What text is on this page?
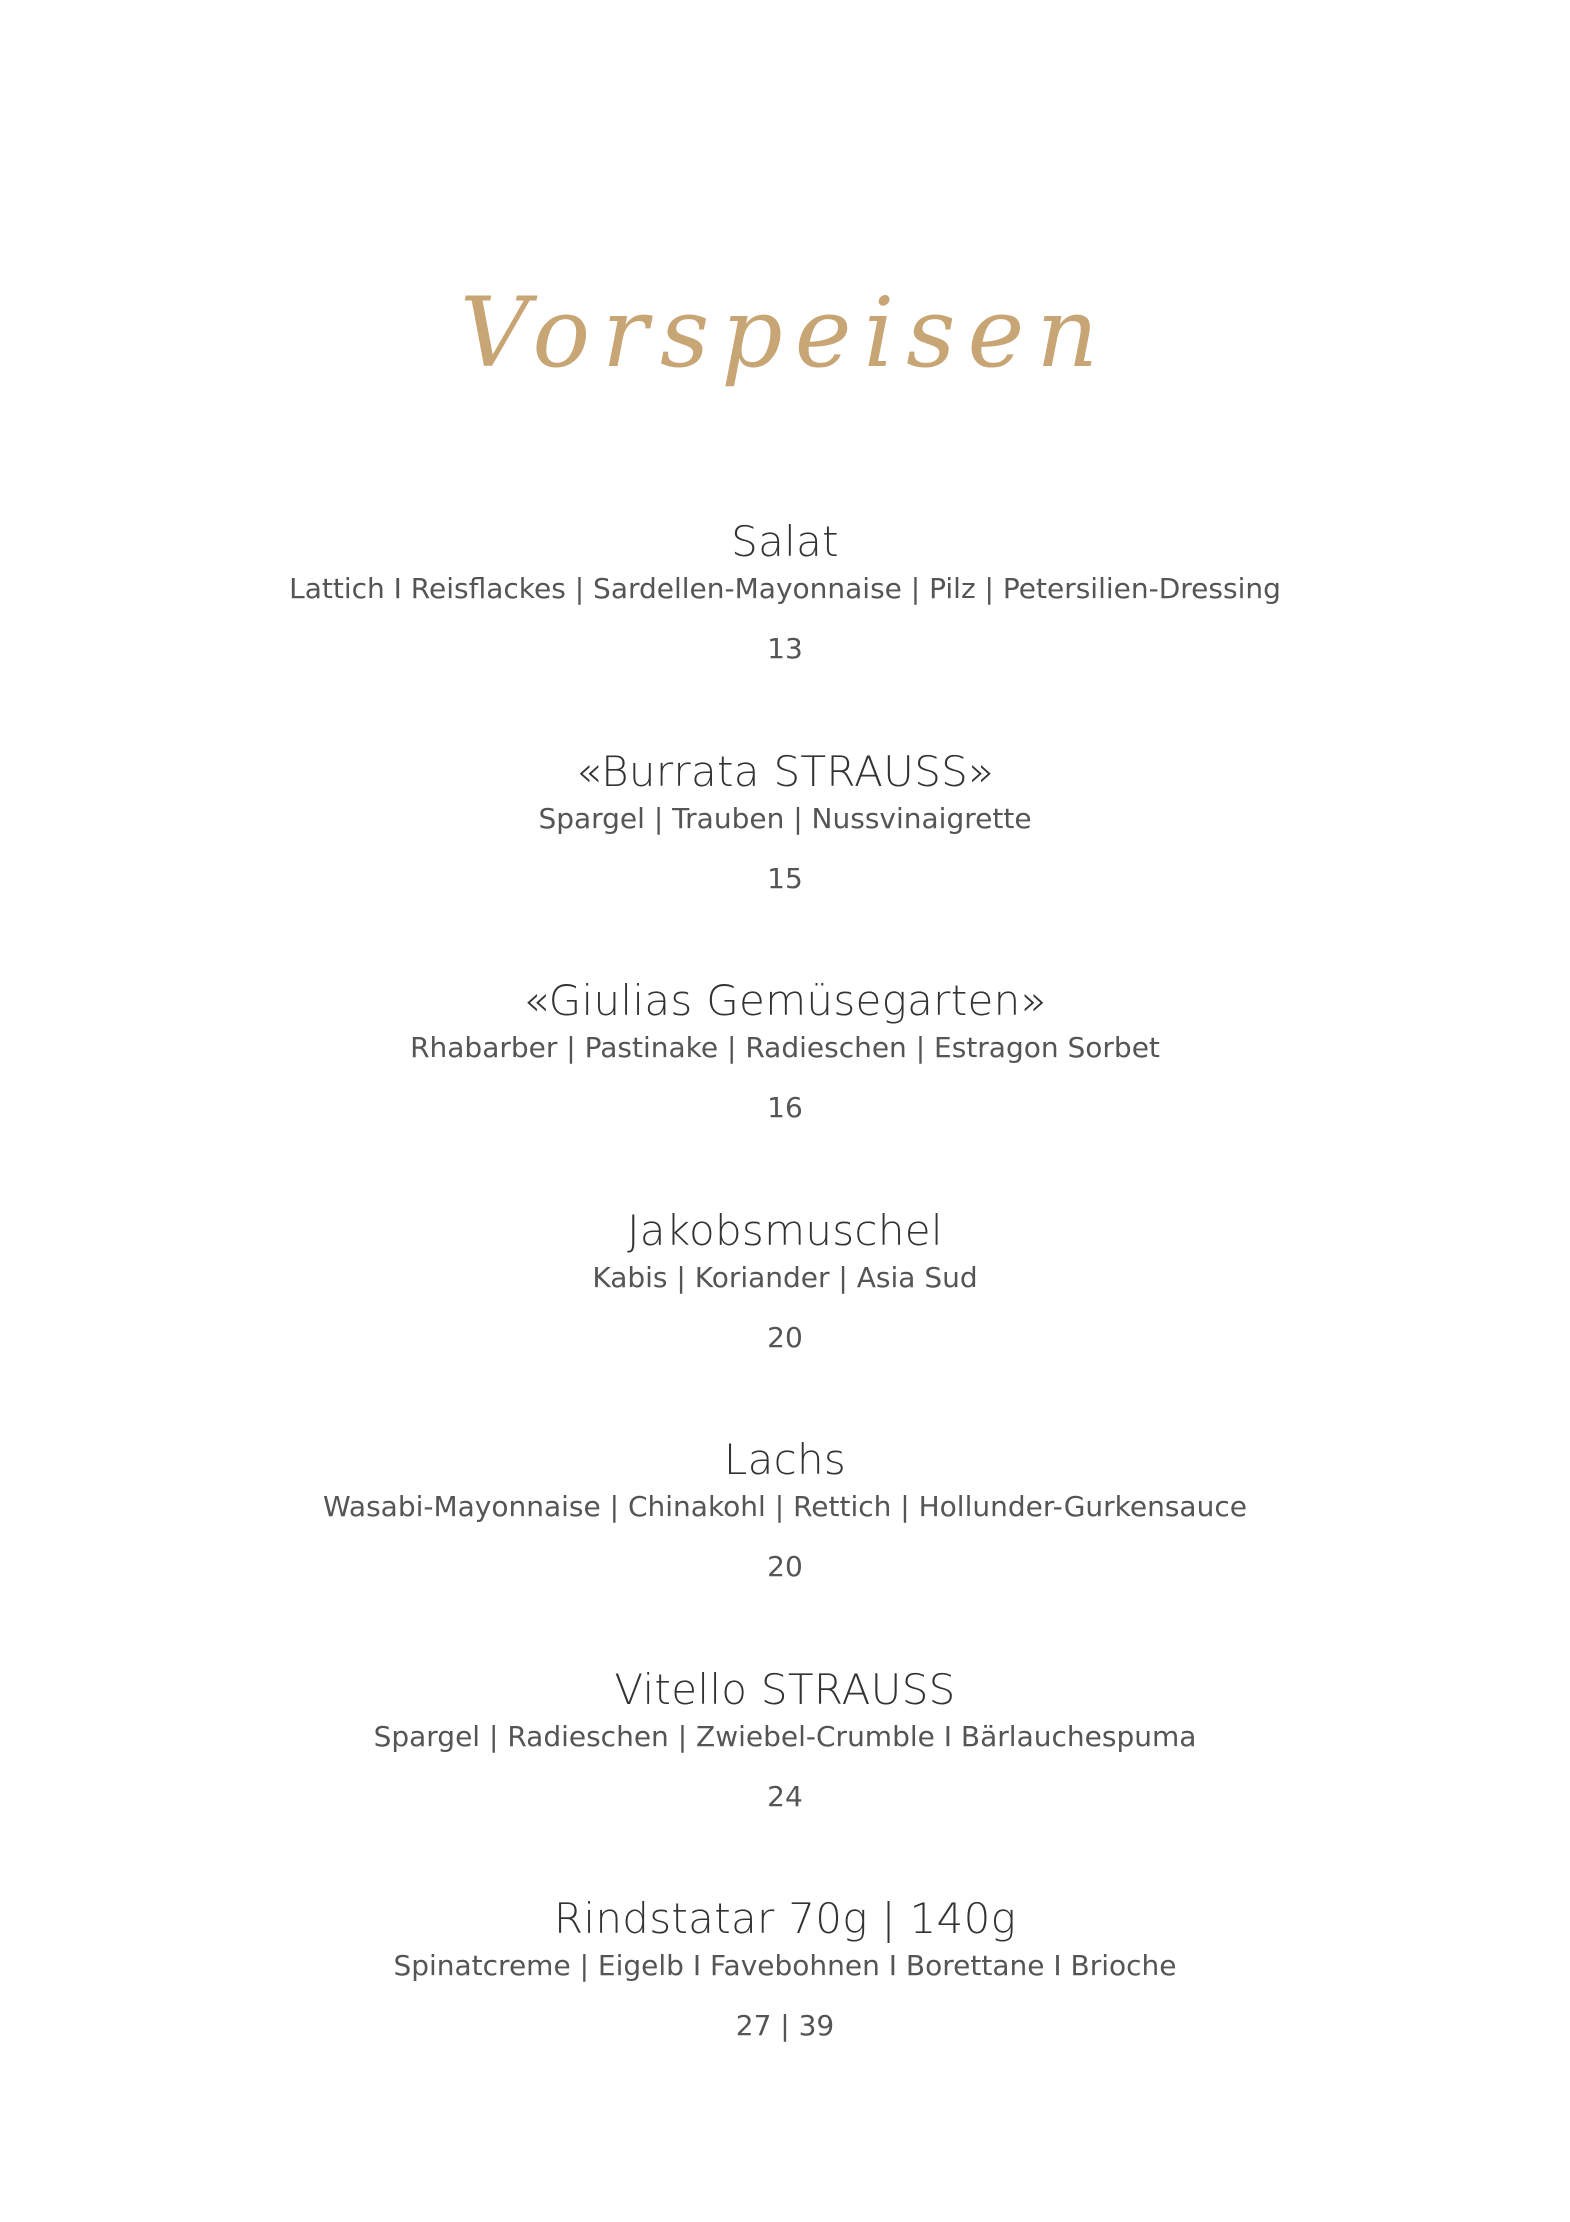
Vorspeisen
Salat
Lattich I Reisflackes | Sardellen-Mayonnaise | Pilz | Petersilien-Dressing
13
«Burrata STRAUSS»
Spargel | Trauben | Nussvinaigrette
15
«Giulias Gemüsegarten»
Rhabarber | Pastinake | Radieschen | Estragon Sorbet
16
Jakobsmuschel
Kabis | Koriander | Asia Sud
20
Lachs
Wasabi-Mayonnaise | Chinakohl | Rettich | Hollunder-Gurkensauce
20
Vitello STRAUSS
Spargel | Radieschen | Zwiebel-Crumble I Bärlauchespuma
24
Rindstatar 70g | 140g
Spinatcreme | Eigelb I Favebohnen I Borettane I Brioche
27 | 39
